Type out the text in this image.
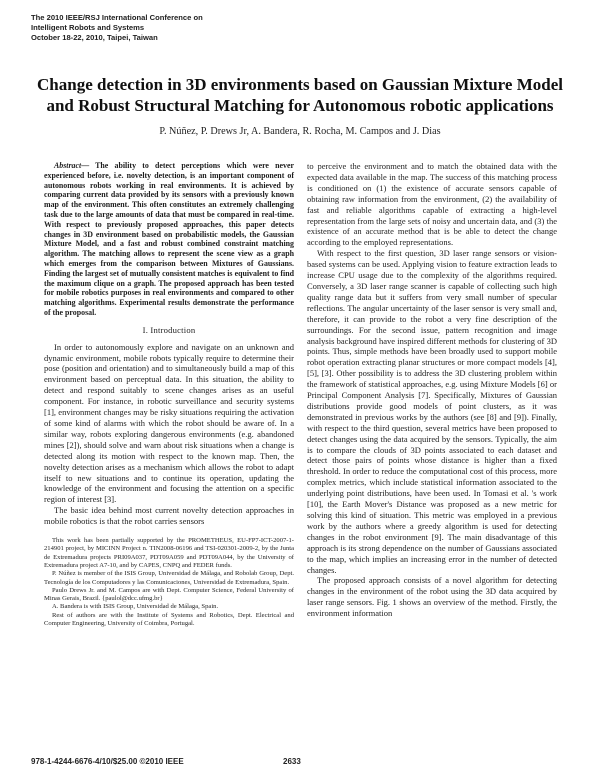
The 2010 IEEE/RSJ International Conference on
Intelligent Robots and Systems
October 18-22, 2010, Taipei, Taiwan
Change detection in 3D environments based on Gaussian Mixture Model
and Robust Structural Matching for Autonomous robotic applications
P. Núñez, P. Drews Jr, A. Bandera, R. Rocha, M. Campos and J. Dias

Abstract— The ability to detect perceptions which were never experienced before, i.e. novelty detection, is an important component of autonomous robots working in real environments. It is achieved by comparing current data provided by its sensors with a previously known map of the environment. This often constitutes an extremely challenging task due to the large amounts of data that must be compared in real-time. With respect to previously proposed approaches, this paper detects changes in 3D environment based on probabilistic models, the Gaussian Mixture Model, and a fast and robust combined constraint matching algorithm. The matching allows to represent the scene view as a graph which emerges from the comparison between Mixtures of Gaussians. Finding the largest set of mutually consistent matches is equivalent to find the maximum clique on a graph. The proposed approach has been tested for mobile robotics purposes in real environments and compared to other matching algorithms. Experimental results demonstrate the performance of the proposal.

I. Introduction

In order to autonomously explore and navigate on an unknown and dynamic environment, mobile robots typically require to determine their pose (position and orientation) and to simultaneously build a map of this environment based on perceptual data. In this situation, the ability to detect and respond suitably to scene changes arises as an useful component. For instance, in robotic surveillance and security systems [1], environment changes may be risky situations requiring the activation of some kind of alarms with which the robot should be aware of. In a similar way, robots exploring dangerous environments (e.g. abandoned mines [2]), should solve and warn about risk situations when a change is detected along its motion with respect to the known map. Then, the novelty detection arises as a mechanism which allows the robot to adapt itself to new situations and to continue its operation, updating the knowledge of the environment and focusing the attention on a specific region of interest [3].

The basic idea behind most current novelty detection approaches in mobile robotics is that the robot carries sensors

This work has been partially supported by the PROMETHEUS, EU-FP7-ICT-2007-1-214901 project, by MICINN Project n. TIN2008-06196 and TSI-020301-2009-2, by the Junta de Extremadura projects PRI09A037, PDT09A059 and PDT09A044, by the University of Extremadura project A7-10, and by CAPES, CNPQ and FEDER funds.

P. Núñez is member of the ISIS Group, Universidad de Málaga, and Robolab Group, Dept. Tecnología de los Computadores y las Comunicaciones, Universidad de Extremadura, Spain.

Paulo Drews Jr. and M. Campos are with Dept. Computer Science, Federal University of Minas Gerais, Brazil. {paulol@dcc.ufmg.br}

A. Bandera is with ISIS Group, Universidad de Málaga, Spain.

Rest of authors are with the Institute of Systems and Robotics, Dept. Electrical and Computer Engineering, University of Coimbra, Portugal.

to perceive the environment and to match the obtained data with the expected data available in the map. The success of this matching process is conditioned on (1) the existence of accurate sensors capable of obtaining raw information from the environment, (2) the availability of fast and reliable algorithms capable of extracting a high-level representation from the large sets of noisy and uncertain data, and (3) the existence of an accurate method that is be able to detect the change according to the employed representations.

With respect to the first question, 3D laser range sensors or vision-based systems can be used. Applying vision to feature extraction leads to increase CPU usage due to the complexity of the algorithms required. Conversely, a 3D laser range scanner is capable of collecting such high quality range data but it suffers from very small number of specular reflections. The angular uncertainty of the laser sensor is very small and, therefore, it can provide to the robot a very fine description of the surroundings. For the second issue, pattern recognition and image analysis background have inspired different methods for clustering of 3D points. Thus, simple methods have been broadly used to support mobile robot operation extracting planar structures or more compact models [4], [5], [3]. Other possibility is to address the 3D clustering problem within the framework of statistical approaches, e.g. using Mixture Models [6] or Principal Component Analysis [7]. Specifically, Mixtures of Gaussian distributions provide good models of point clusters, as it was demonstrated in previous works by the authors (see [8] and [9]). Finally, with respect to the third question, several metrics have been proposed to detect changes using the data acquired by the sensors. Typically, the aim is to compare the clouds of 3D points associated to each dataset and detect those pairs of points whose distance is higher than a fixed threshold. In order to reduce the computational cost of this process, more complex metrics, which include statistical information associated to the underlying point distributions, have been used. In Tomasi et al. 's work [10], the Earth Mover's Distance was proposed as a new metric for solving this kind of situation. This metric was employed in a previous work by the authors where a greedy algorithm is used for detecting changes in the robot environment [9]. The main disadvantage of this approach is its strong dependence on the number of Gaussians associated to the map, which implies an increasing error in the number of detected changes.

The proposed approach consists of a novel algorithm for detecting changes in the environment of the robot using the 3D data acquired by laser range sensors. Fig. 1 shows an overview of the method. Firstly, the environment information

978-1-4244-6676-4/10/$25.00 ©2010 IEEE	2633
